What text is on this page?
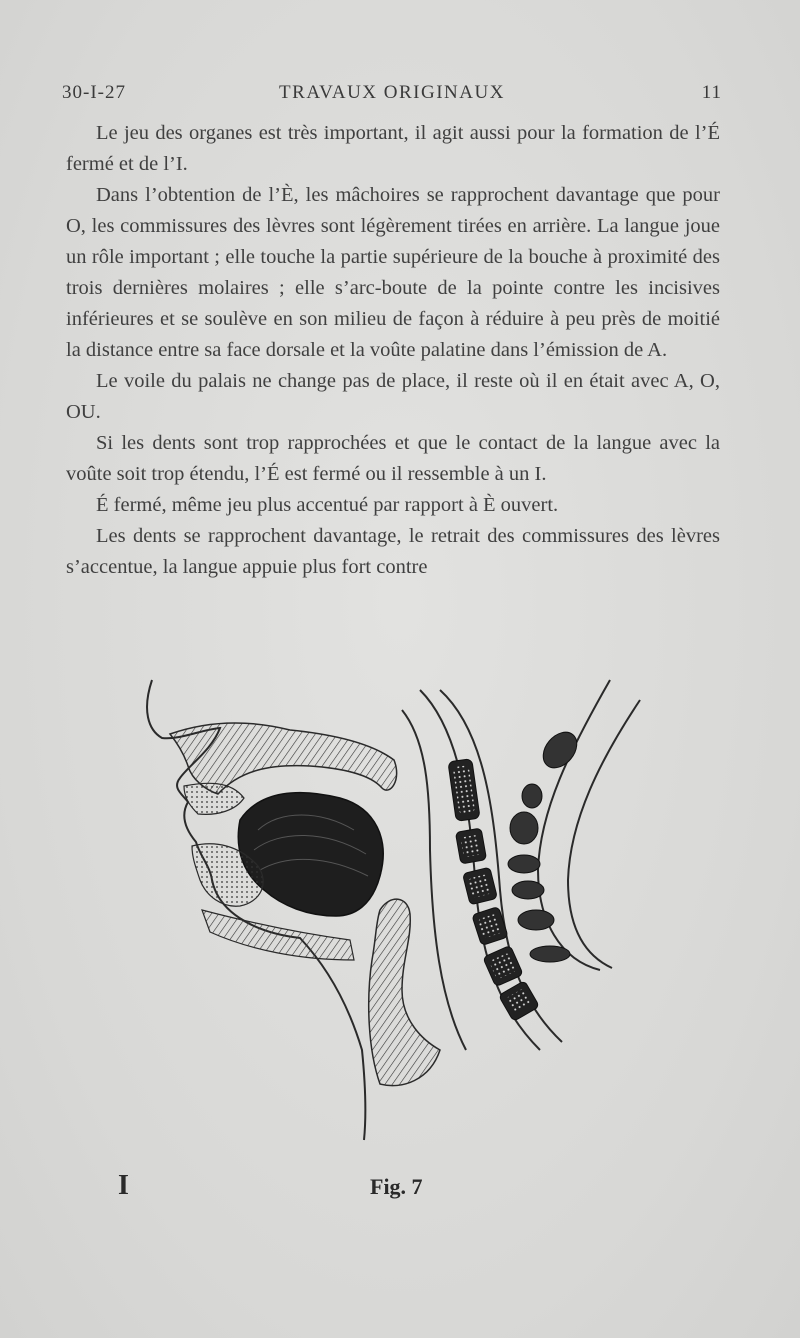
30-I-27	TRAVAUX ORIGINAUX	11

Le jeu des organes est très important, il agit aussi pour la formation de l’É fermé et de l’I.

Dans l’obtention de l’È, les mâchoires se rapprochent davantage que pour O, les commissures des lèvres sont légèrement tirées en arrière. La langue joue un rôle important ; elle touche la partie supérieure de la bouche à proximité des trois dernières molaires ; elle s’arc-boute de la pointe contre les incisives inférieures et se soulève en son milieu de façon à réduire à peu près de moitié la distance entre sa face dorsale et la voûte palatine dans l’émission de A.

Le voile du palais ne change pas de place, il reste où il en était avec A, O, OU.

Si les dents sont trop rapprochées et que le contact de la langue avec la voûte soit trop étendu, l’É est fermé ou il ressemble à un I.

É fermé, même jeu plus accentué par rapport à È ouvert.

Les dents se rapprochent davantage, le retrait des commissures des lèvres s’accentue, la langue appuie plus fort contre

I	Fig. 7
